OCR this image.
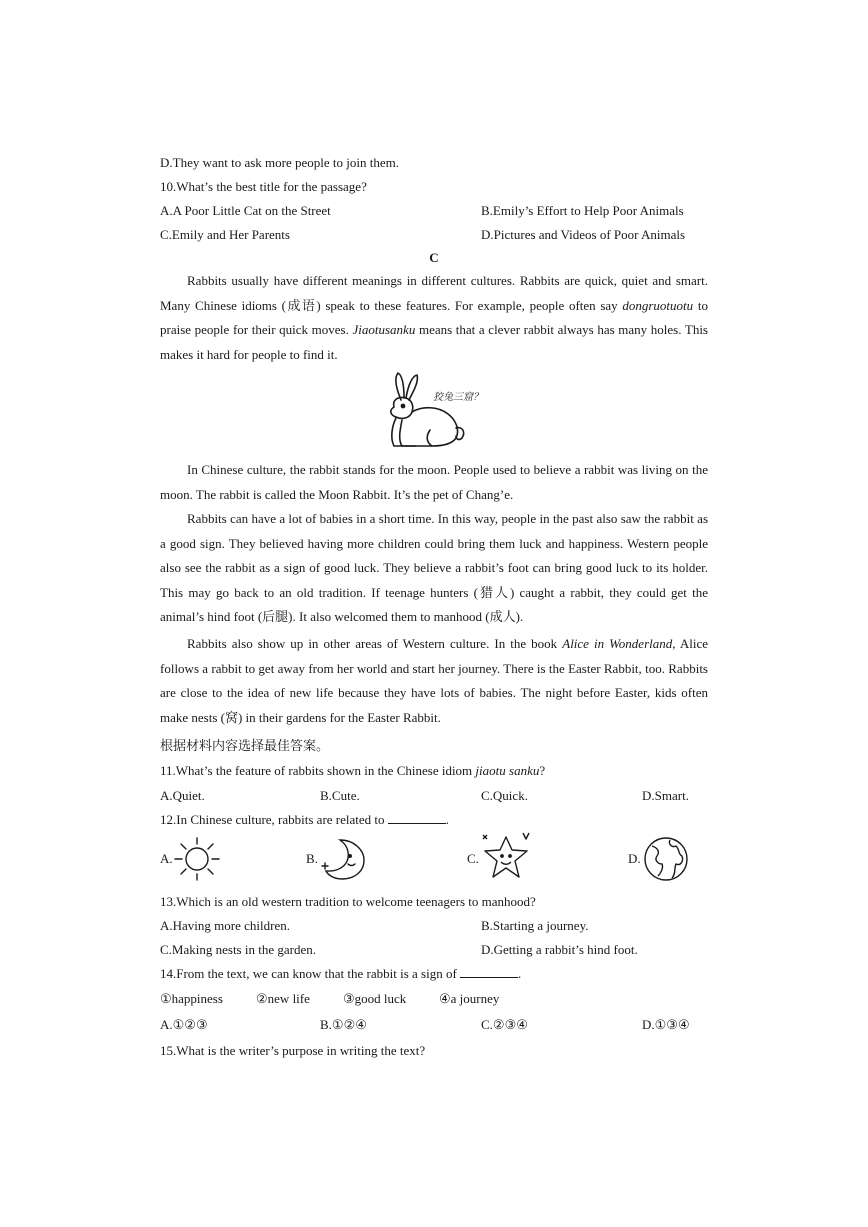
D.They want to ask more people to join them.
10.What’s the best title for the passage?
A.A Poor Little Cat on the Street	B.Emily’s Effort to Help Poor Animals
C.Emily and Her Parents	D.Pictures and Videos of Poor Animals
C
Rabbits usually have different meanings in different cultures. Rabbits are quick, quiet and smart. Many Chinese idioms (成语) speak to these features. For example, people often say dongruotuotu to praise people for their quick moves. Jiaotusanku means that a clever rabbit always has many holes. This makes it hard for people to find it.
狡兔三窟？
In Chinese culture, the rabbit stands for the moon. People used to believe a rabbit was living on the moon. The rabbit is called the Moon Rabbit. It’s the pet of Chang’e.
Rabbits can have a lot of babies in a short time. In this way, people in the past also saw the rabbit as a good sign. They believed having more children could bring them luck and happiness. Western people also see the rabbit as a sign of good luck. They believe a rabbit’s foot can bring good luck to its holder. This may go back to an old tradition. If teenage hunters (猎人) caught a rabbit, they could get the animal’s hind foot (后腿). It also welcomed them to manhood (成人).
Rabbits also show up in other areas of Western culture. In the book Alice in Wonderland, Alice follows a rabbit to get away from her world and start her journey. There is the Easter Rabbit, too. Rabbits are close to the idea of new life because they have lots of babies. The night before Easter, kids often make nests (窝) in their gardens for the Easter Rabbit.
根据材料内容选择最佳答案。
11.What’s the feature of rabbits shown in the Chinese idiom jiaotu sanku?
A.Quiet.	B.Cute.	C.Quick.	D.Smart.
12.In Chinese culture, rabbits are related to	.
A.	B.	C.	D.
13.Which is an old western tradition to welcome teenagers to manhood?
A.Having more children.	B.Starting a journey.
C.Making nests in the garden.	D.Getting a rabbit’s hind foot.
14.From the text, we can know that the rabbit is a sign of	.
①happiness	②new life	③good luck	④a journey
A.①②③	B.①②④	C.②③④	D.①③④
15.What is the writer’s purpose in writing the text?
